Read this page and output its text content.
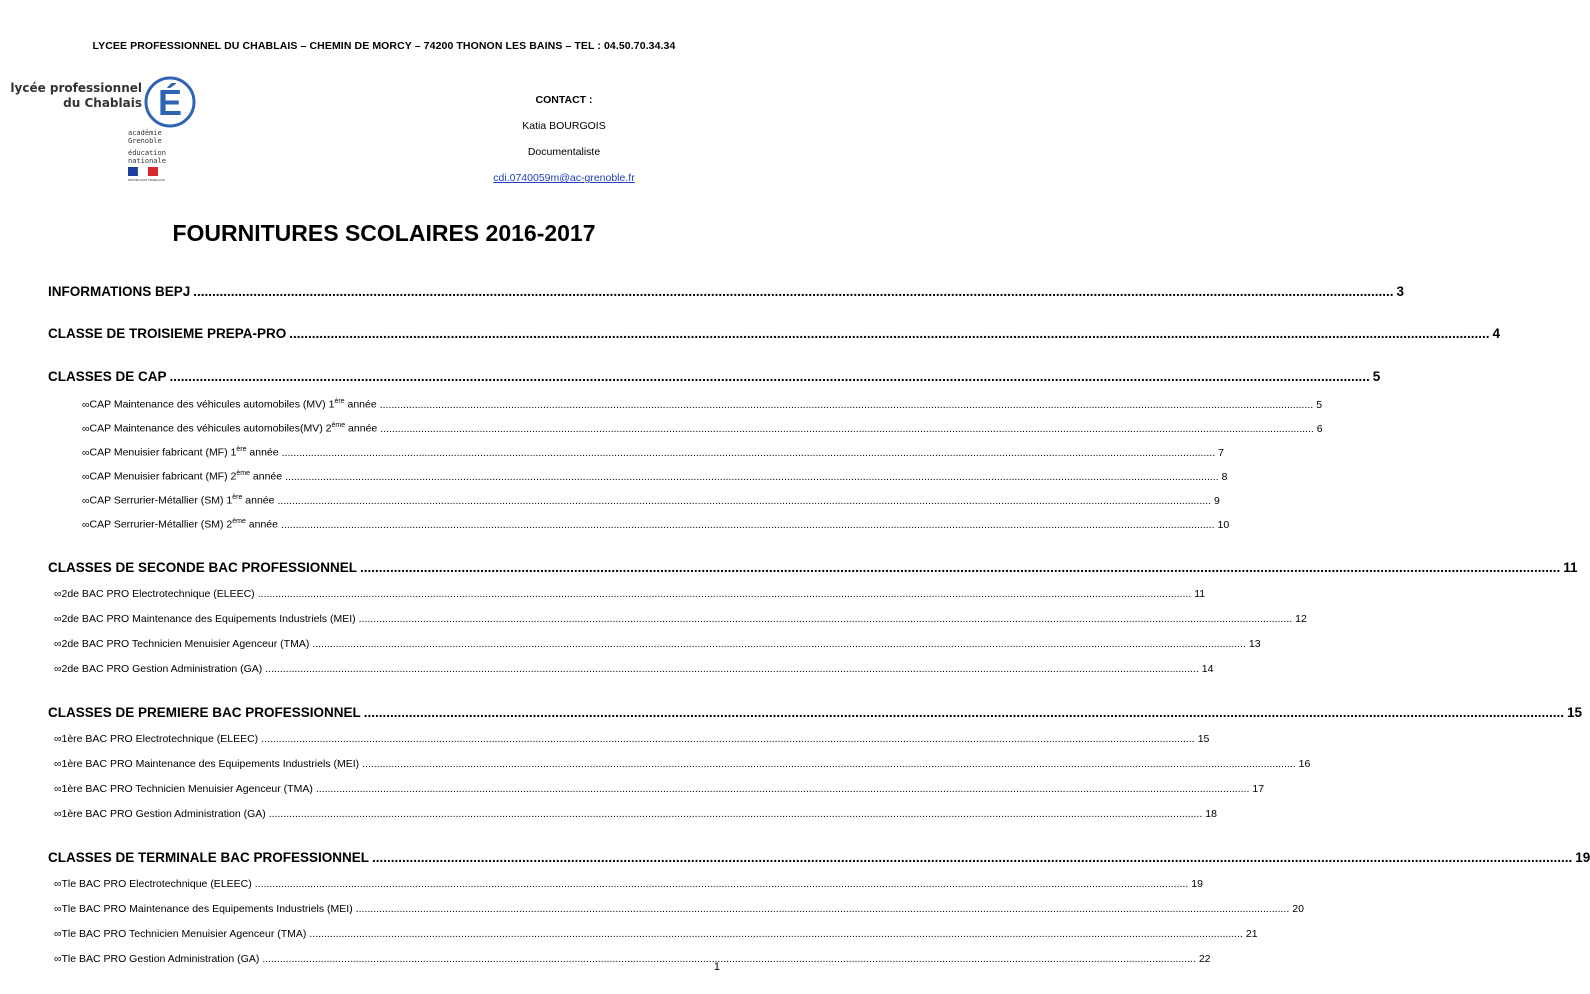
LYCEE PROFESSIONNEL DU CHABLAIS – CHEMIN DE MORCY – 74200 THONON LES BAINS – TEL : 04.50.70.34.34
É
lycée professionnel
du Chablais
académie
Grenoble
éducation
nationale
RÉPUBLIQUE FRANÇAISE
CONTACT :
Katia BOURGOIS
Documentaliste
cdi.0740059m@ac-grenoble.fr
FOURNITURES SCOLAIRES 2016-2017
INFORMATIONS BEPJ .....	3
CLASSE DE TROISIEME PREPA-PRO .....	4
CLASSES DE CAP .....	5
∞ CAP Maintenance des véhicules automobiles (MV) 1ère année .....	5
∞ CAP Maintenance des véhicules automobiles(MV) 2ème année .....	6
∞ CAP Menuisier fabricant (MF) 1ère année .....	7
∞ CAP Menuisier fabricant (MF) 2ème année .....	8
∞ CAP Serrurier-Métallier (SM) 1ère année .....	9
∞ CAP Serrurier-Métallier (SM) 2ème année .....	10
CLASSES DE SECONDE BAC PROFESSIONNEL .....	11
∞ 2de BAC PRO Electrotechnique (ELEEC) .....	11
∞ 2de BAC PRO Maintenance des Equipements Industriels (MEI) .....	12
∞ 2de BAC PRO Technicien Menuisier Agenceur (TMA) .....	13
∞ 2de BAC PRO Gestion Administration (GA) .....	14
CLASSES DE PREMIERE BAC PROFESSIONNEL .....	15
∞ 1ère BAC PRO Electrotechnique (ELEEC) .....	15
∞ 1ère BAC PRO Maintenance des Equipements Industriels (MEI) .....	16
∞ 1ère BAC PRO Technicien Menuisier Agenceur (TMA) .....	17
∞ 1ère BAC PRO Gestion Administration (GA) .....	18
CLASSES DE TERMINALE BAC PROFESSIONNEL .....	19
∞ Tle BAC PRO Electrotechnique (ELEEC) .....	19
∞ Tle BAC PRO Maintenance des Equipements Industriels (MEI) .....	20
∞ Tle BAC PRO Technicien Menuisier Agenceur (TMA) .....	21
∞ Tle BAC PRO Gestion Administration (GA) .....	22
1
